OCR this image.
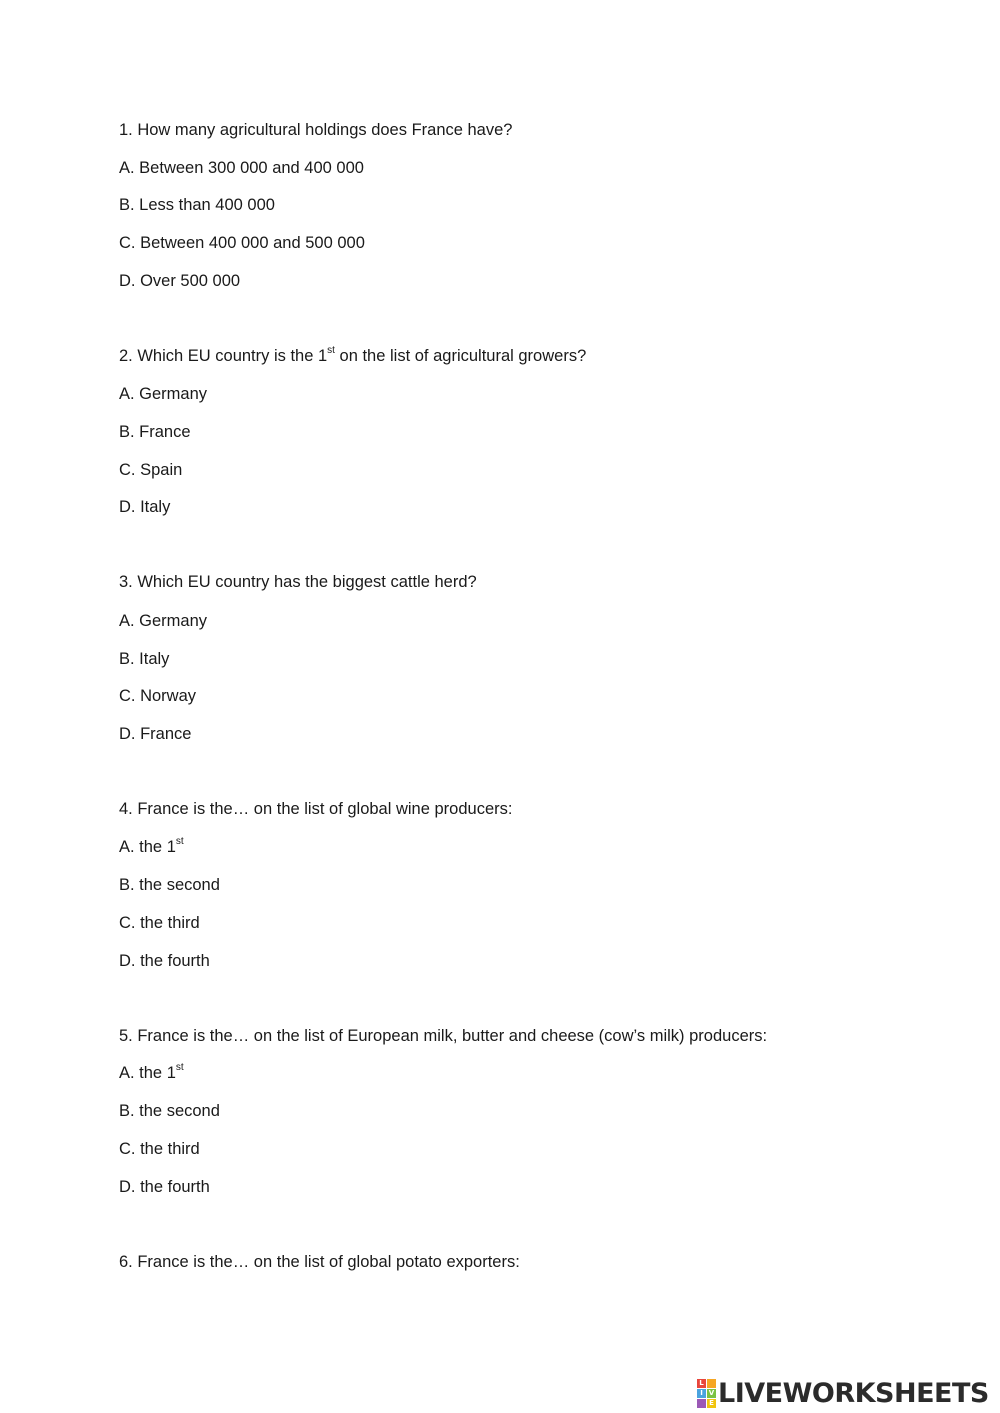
1. How many agricultural holdings does France have?
A. Between 300 000 and 400 000
B. Less than 400 000
C. Between 400 000 and 500 000
D. Over 500 000
2. Which EU country is the 1st on the list of agricultural growers?
A. Germany
B. France
C. Spain
D. Italy
3. Which EU country has the biggest cattle herd?
A. Germany
B. Italy
C. Norway
D. France
4. France is the… on the list of global wine producers:
A. the 1st
B. the second
C. the third
D. the fourth
5. France is the… on the list of European milk, butter and cheese (cow’s milk) producers:
A. the 1st
B. the second
C. the third
D. the fourth
6. France is the… on the list of global potato exporters:
L
I V
E LIVEWORKSHEETS
